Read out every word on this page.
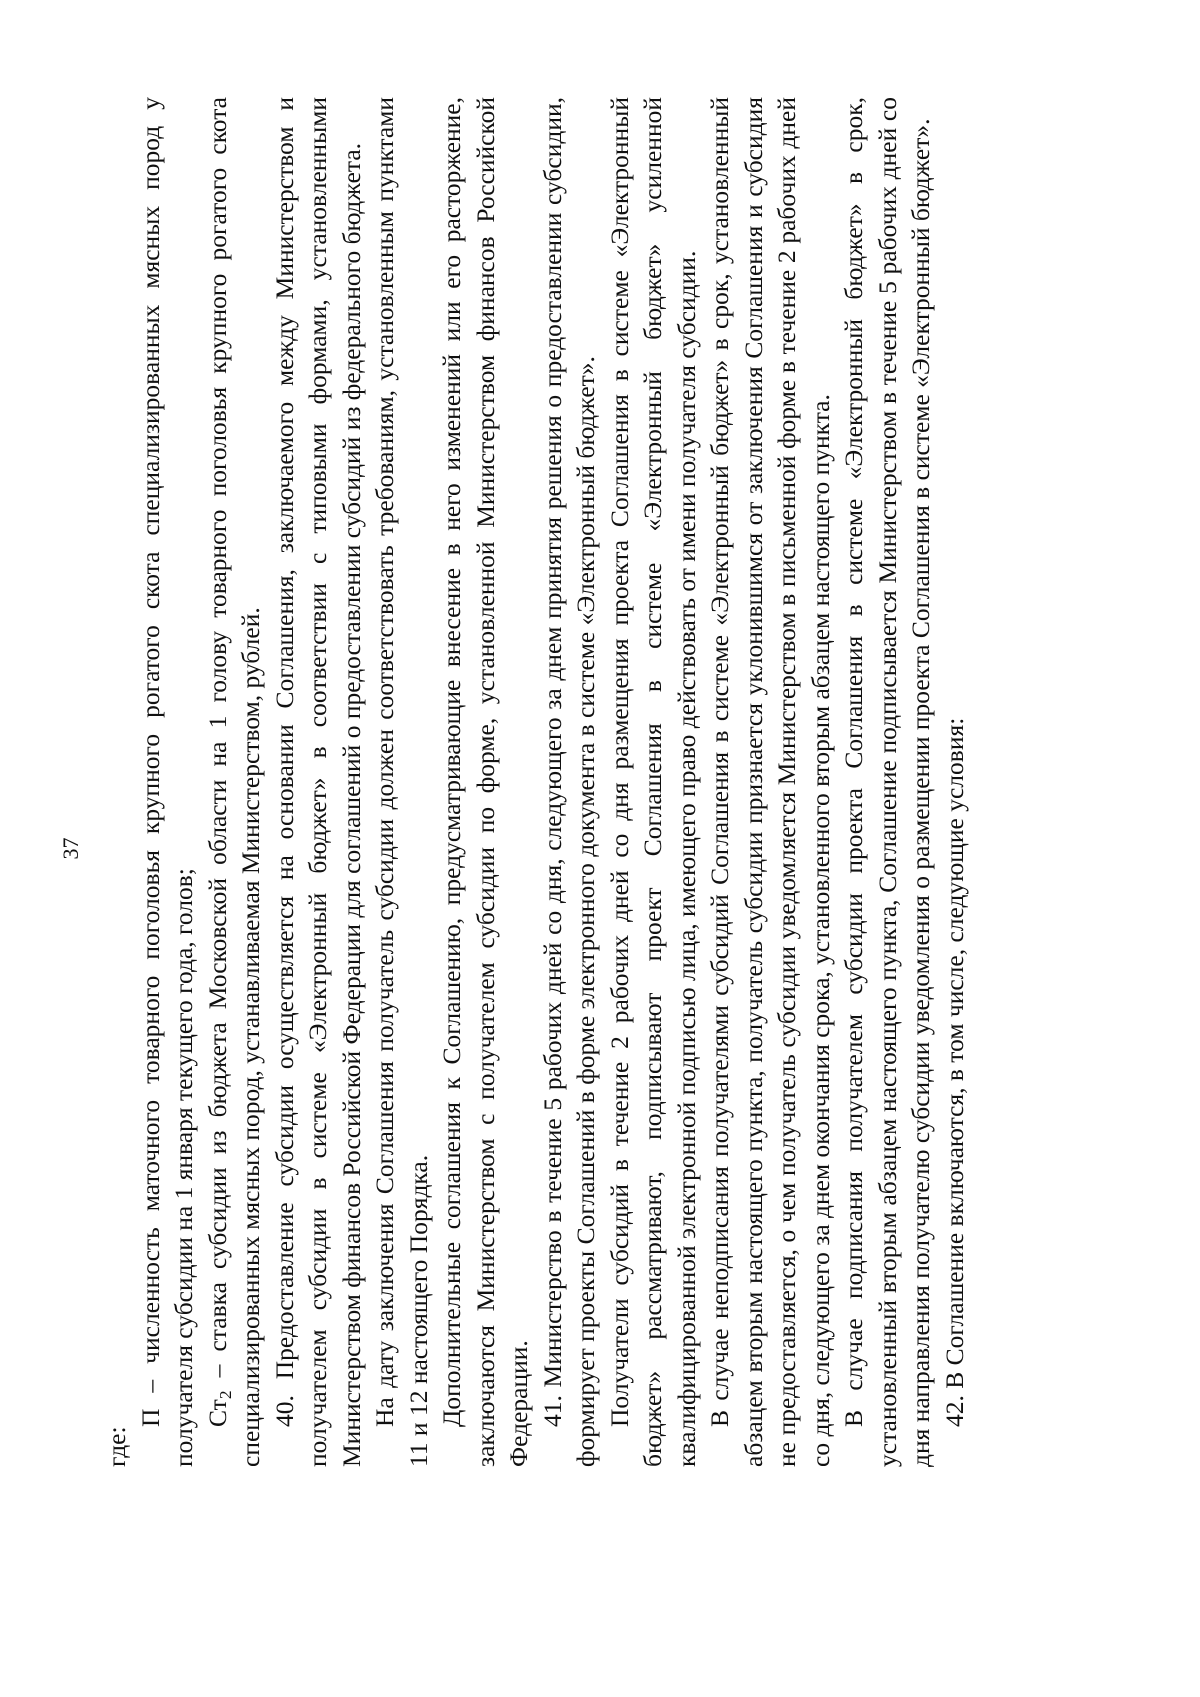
37

где:

П – численность маточного товарного поголовья крупного рогатого скота специализированных мясных пород у получателя субсидии на 1 января текущего года, голов; $Ст_2$ – ставка субсидии из бюджета Московской области на 1 голову товарного поголовья крупного рогатого скота специализированных мясных пород, устанавливаемая Министерством, рублей. 40. Предоставление субсидии осуществляется на основании Соглашения, заключаемого между Министерством и получателем субсидии в системе «Электронный бюджет» в соответствии с типовыми формами, установленными Министерством финансов Российской Федерации для соглашений о предоставлении субсидий из федерального бюджета. На дату заключения Соглашения получатель субсидии должен соответствовать требованиям, установленным пунктами 11 и 12 настоящего Порядка. Дополнительные соглашения к Соглашению, предусматривающие внесение в него изменений или его расторжение, заключаются Министерством с получателем субсидии по форме, установленной Министерством финансов Российской Федерации. 41. Министерство в течение 5 рабочих дней со дня, следующего за днем принятия решения о предоставлении субсидии, формирует проекты Соглашений в форме электронного документа в системе «Электронный бюджет». Получатели субсидий в течение 2 рабочих дней со дня размещения проекта Соглашения в системе «Электронный бюджет» рассматривают, подписывают проект Соглашения в системе «Электронный бюджет» усиленной квалифицированной электронной подписью лица, имеющего право действовать от имени получателя субсидии. В случае неподписания получателями субсидий Соглашения в системе «Электронный бюджет» в срок, установленный абзацем вторым настоящего пункта, получатель субсидии признается уклонившимся от заключения Соглашения и субсидия не предоставляется, о чем получатель субсидии уведомляется Министерством в письменной форме в течение 2 рабочих дней со дня, следующего за днем окончания срока, установленного вторым абзацем настоящего пункта. В случае подписания получателем субсидии проекта Соглашения в системе «Электронный бюджет» в срок, установленный вторым абзацем настоящего пункта, Соглашение подписывается Министерством в течение 5 рабочих дней со дня направления получателю субсидии уведомления о размещении проекта Соглашения в системе «Электронный бюджет». 42. В Соглашение включаются, в том числе, следующие условия:
